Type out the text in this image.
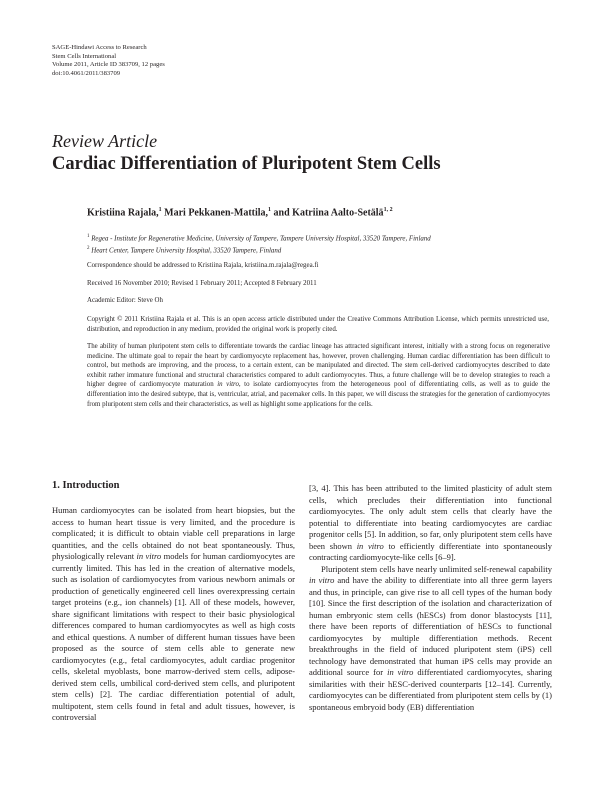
SAGE-Hindawi Access to Research
Stem Cells International
Volume 2011, Article ID 383709, 12 pages
doi:10.4061/2011/383709
Review Article
Cardiac Differentiation of Pluripotent Stem Cells
Kristiina Rajala,$^1$ Mari Pekkanen-Mattila,$^1$ and Katriina Aalto-Setälä$^{1, 2}$
$^1$ Regea - Institute for Regenerative Medicine, University of Tampere, Tampere University Hospital, 33520 Tampere, Finland
$^2$ Heart Center, Tampere University Hospital, 33520 Tampere, Finland
Correspondence should be addressed to Kristiina Rajala, kristiina.m.rajala@regea.fi
Received 16 November 2010; Revised 1 February 2011; Accepted 8 February 2011
Academic Editor: Steve Oh
Copyright © 2011 Kristiina Rajala et al. This is an open access article distributed under the Creative Commons Attribution License, which permits unrestricted use, distribution, and reproduction in any medium, provided the original work is properly cited.
The ability of human pluripotent stem cells to differentiate towards the cardiac lineage has attracted significant interest, initially with a strong focus on regenerative medicine. The ultimate goal to repair the heart by cardiomyocyte replacement has, however, proven challenging. Human cardiac differentiation has been difficult to control, but methods are improving, and the process, to a certain extent, can be manipulated and directed. The stem cell-derived cardiomyocytes described to date exhibit rather immature functional and structural characteristics compared to adult cardiomyocytes. Thus, a future challenge will be to develop strategies to reach a higher degree of cardiomyocyte maturation in vitro, to isolate cardiomyocytes from the heterogeneous pool of differentiating cells, as well as to guide the differentiation into the desired subtype, that is, ventricular, atrial, and pacemaker cells. In this paper, we will discuss the strategies for the generation of cardiomyocytes from pluripotent stem cells and their characteristics, as well as highlight some applications for the cells.
1. Introduction

Human cardiomyocytes can be isolated from heart biopsies, but the access to human heart tissue is very limited, and the procedure is complicated; it is difficult to obtain viable cell preparations in large quantities, and the cells obtained do not beat spontaneously. Thus, physiologically relevant in vitro models for human cardiomyocytes are currently limited. This has led in the creation of alternative models, such as isolation of cardiomyocytes from various newborn animals or production of genetically engineered cell lines overexpressing certain target proteins (e.g., ion channels) [1]. All of these models, however, share significant limitations with respect to their basic physiological differences compared to human cardiomyocytes as well as high costs and ethical questions. A number of different human tissues have been proposed as the source of stem cells able to generate new cardiomyocytes (e.g., fetal cardiomyocytes, adult cardiac progenitor cells, skeletal myoblasts, bone marrow-derived stem cells, adipose-derived stem cells, umbilical cord-derived stem cells, and pluripotent stem cells) [2]. The cardiac differentiation potential of adult, multipotent, stem cells found in fetal and adult tissues, however, is controversial

[3, 4]. This has been attributed to the limited plasticity of adult stem cells, which precludes their differentiation into functional cardiomyocytes. The only adult stem cells that clearly have the potential to differentiate into beating cardiomyocytes are cardiac progenitor cells [5]. In addition, so far, only pluripotent stem cells have been shown in vitro to efficiently differentiate into spontaneously contracting cardiomyocyte-like cells [6–9].

Pluripotent stem cells have nearly unlimited self-renewal capability in vitro and have the ability to differentiate into all three germ layers and thus, in principle, can give rise to all cell types of the human body [10]. Since the first description of the isolation and characterization of human embryonic stem cells (hESCs) from donor blastocysts [11], there have been reports of differentiation of hESCs to functional cardiomyocytes by multiple differentiation methods. Recent breakthroughs in the field of induced pluripotent stem (iPS) cell technology have demonstrated that human iPS cells may provide an additional source for in vitro differentiated cardiomyocytes, sharing similarities with their hESC-derived counterparts [12–14]. Currently, cardiomyocytes can be differentiated from pluripotent stem cells by (1) spontaneous embryoid body (EB) differentiation
